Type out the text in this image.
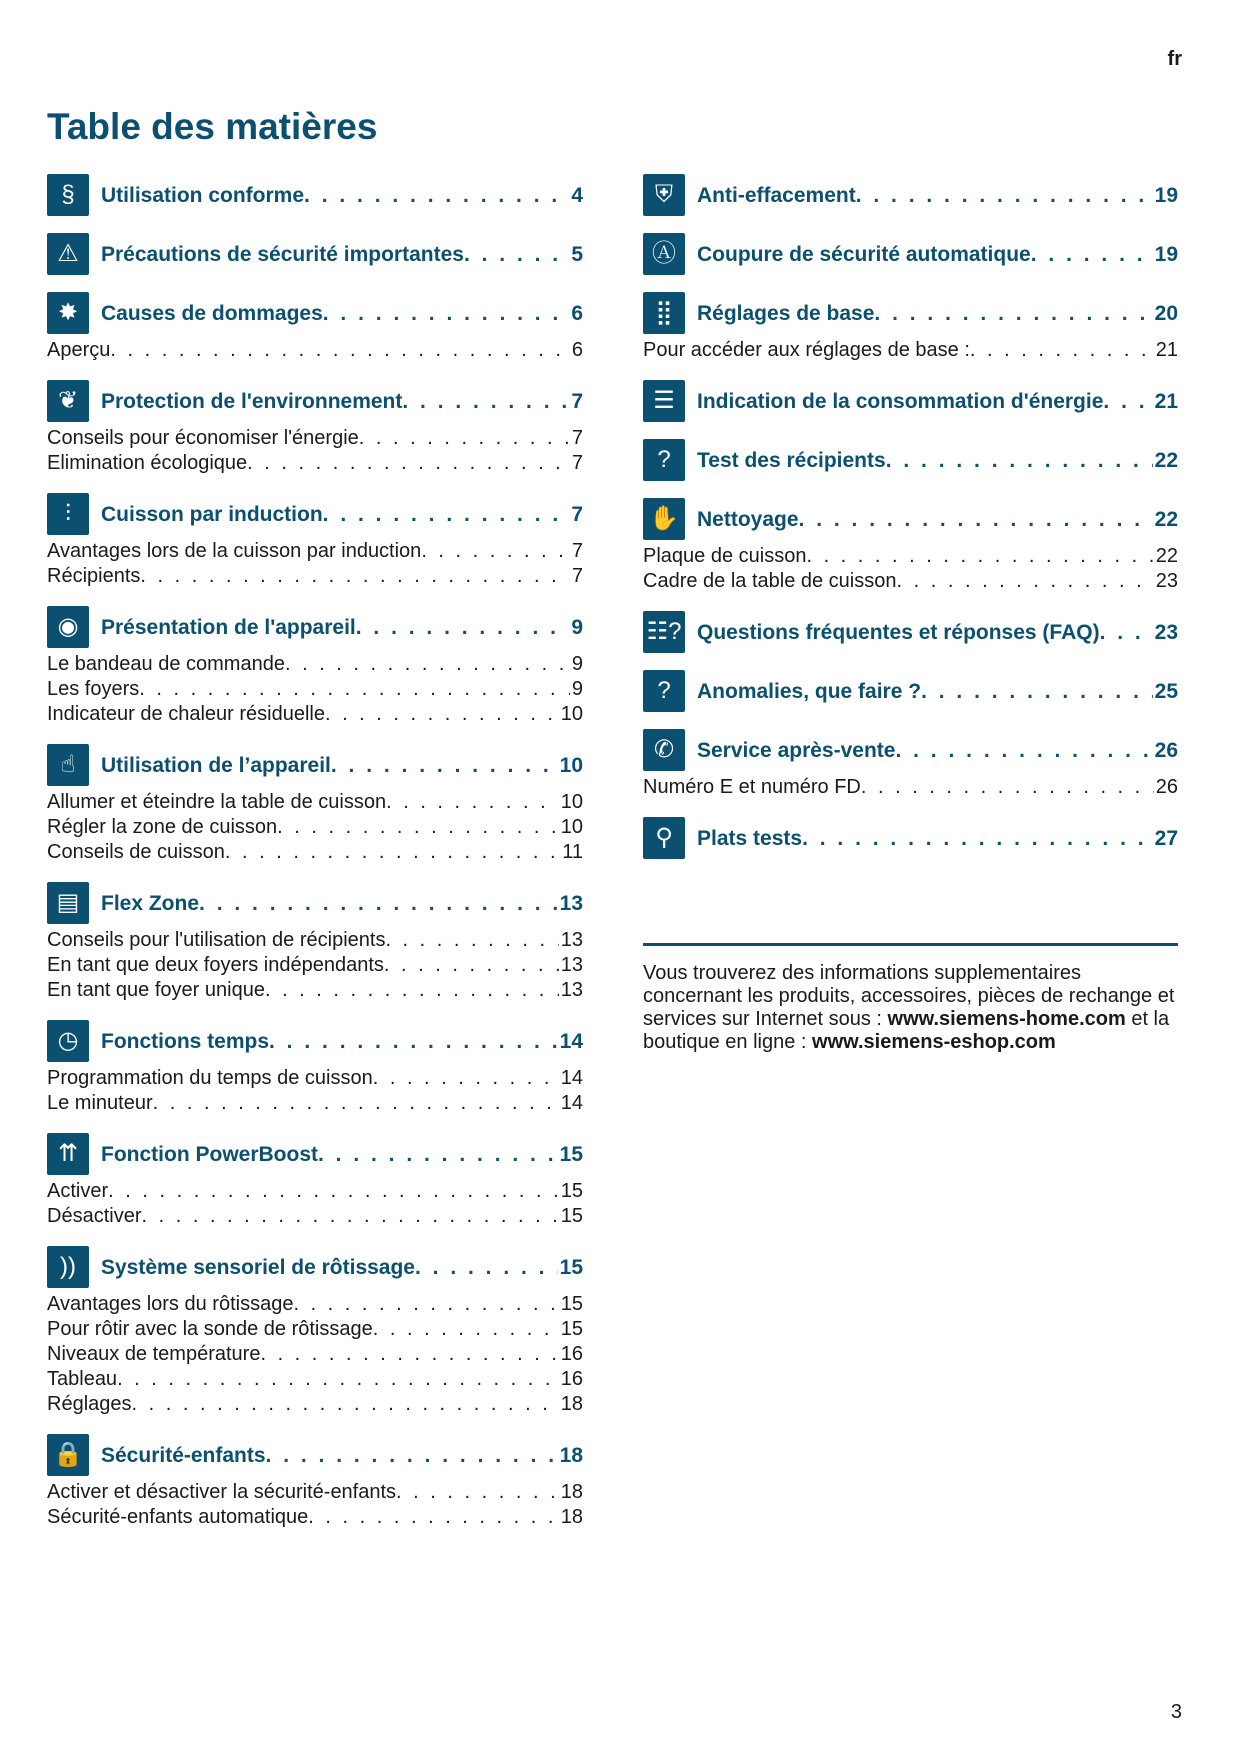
fr
Table des matières
§	Utilisation conforme . . .	4
⚠	Précautions de sécurité importantes . . .	5
✸	Causes de dommages . . .	6
Aperçu . . .	6
❦	Protection de l'environnement . . .	7
Conseils pour économiser l'énergie . . .	7
Elimination écologique . . .	7
⫶	Cuisson par induction . . .	7
Avantages lors de la cuisson par induction . . .	7
Récipients . . .	7
◉	Présentation de l'appareil . . .	9
Le bandeau de commande . . .	9
Les foyers . . .	9
Indicateur de chaleur résiduelle . . .	10
☝	Utilisation de l’appareil . . .	10
Allumer et éteindre la table de cuisson . . .	10
Régler la zone de cuisson . . .	10
Conseils de cuisson . . .	11
▤	Flex Zone . . .	13
Conseils pour l'utilisation de récipients . . .	13
En tant que deux foyers indépendants . . .	13
En tant que foyer unique . . .	13
◷	Fonctions temps . . .	14
Programmation du temps de cuisson . . .	14
Le minuteur . . .	14
⇈	Fonction PowerBoost . . .	15
Activer . . .	15
Désactiver . . .	15
))	Système sensoriel de rôtissage . . .	15
Avantages lors du rôtissage . . .	15
Pour rôtir avec la sonde de rôtissage . . .	15
Niveaux de température . . .	16
Tableau . . .	16
Réglages . . .	18
🔒 Sécurité-enfants . . .	18
Activer et désactiver la sécurité-enfants . . .	18
Sécurité-enfants automatique . . .	18
⛨	Anti-effacement . . .	19
Ⓐ	Coupure de sécurité automatique . . .	19
⣿	Réglages de base . . .	20
Pour accéder aux réglages de base : . . .	21
☰	Indication de la consommation d'énergie . . . 21
?	Test des récipients . . .	22
✋ Nettoyage . . .	22
Plaque de cuisson . . .	22
Cadre de la table de cuisson . . .	23
☷? Questions fréquentes et réponses (FAQ) . . .	23
?	Anomalies, que faire ? . . .	25
✆	Service après-vente . . .	26
Numéro E et numéro FD . . .	26
⚲	Plats tests . . .	27
Vous trouverez des informations supplementaires concernant les produits, accessoires, pièces de rechange et services sur Internet sous : www.siemens-home.com et la boutique en ligne : www.siemens-eshop.com
3
